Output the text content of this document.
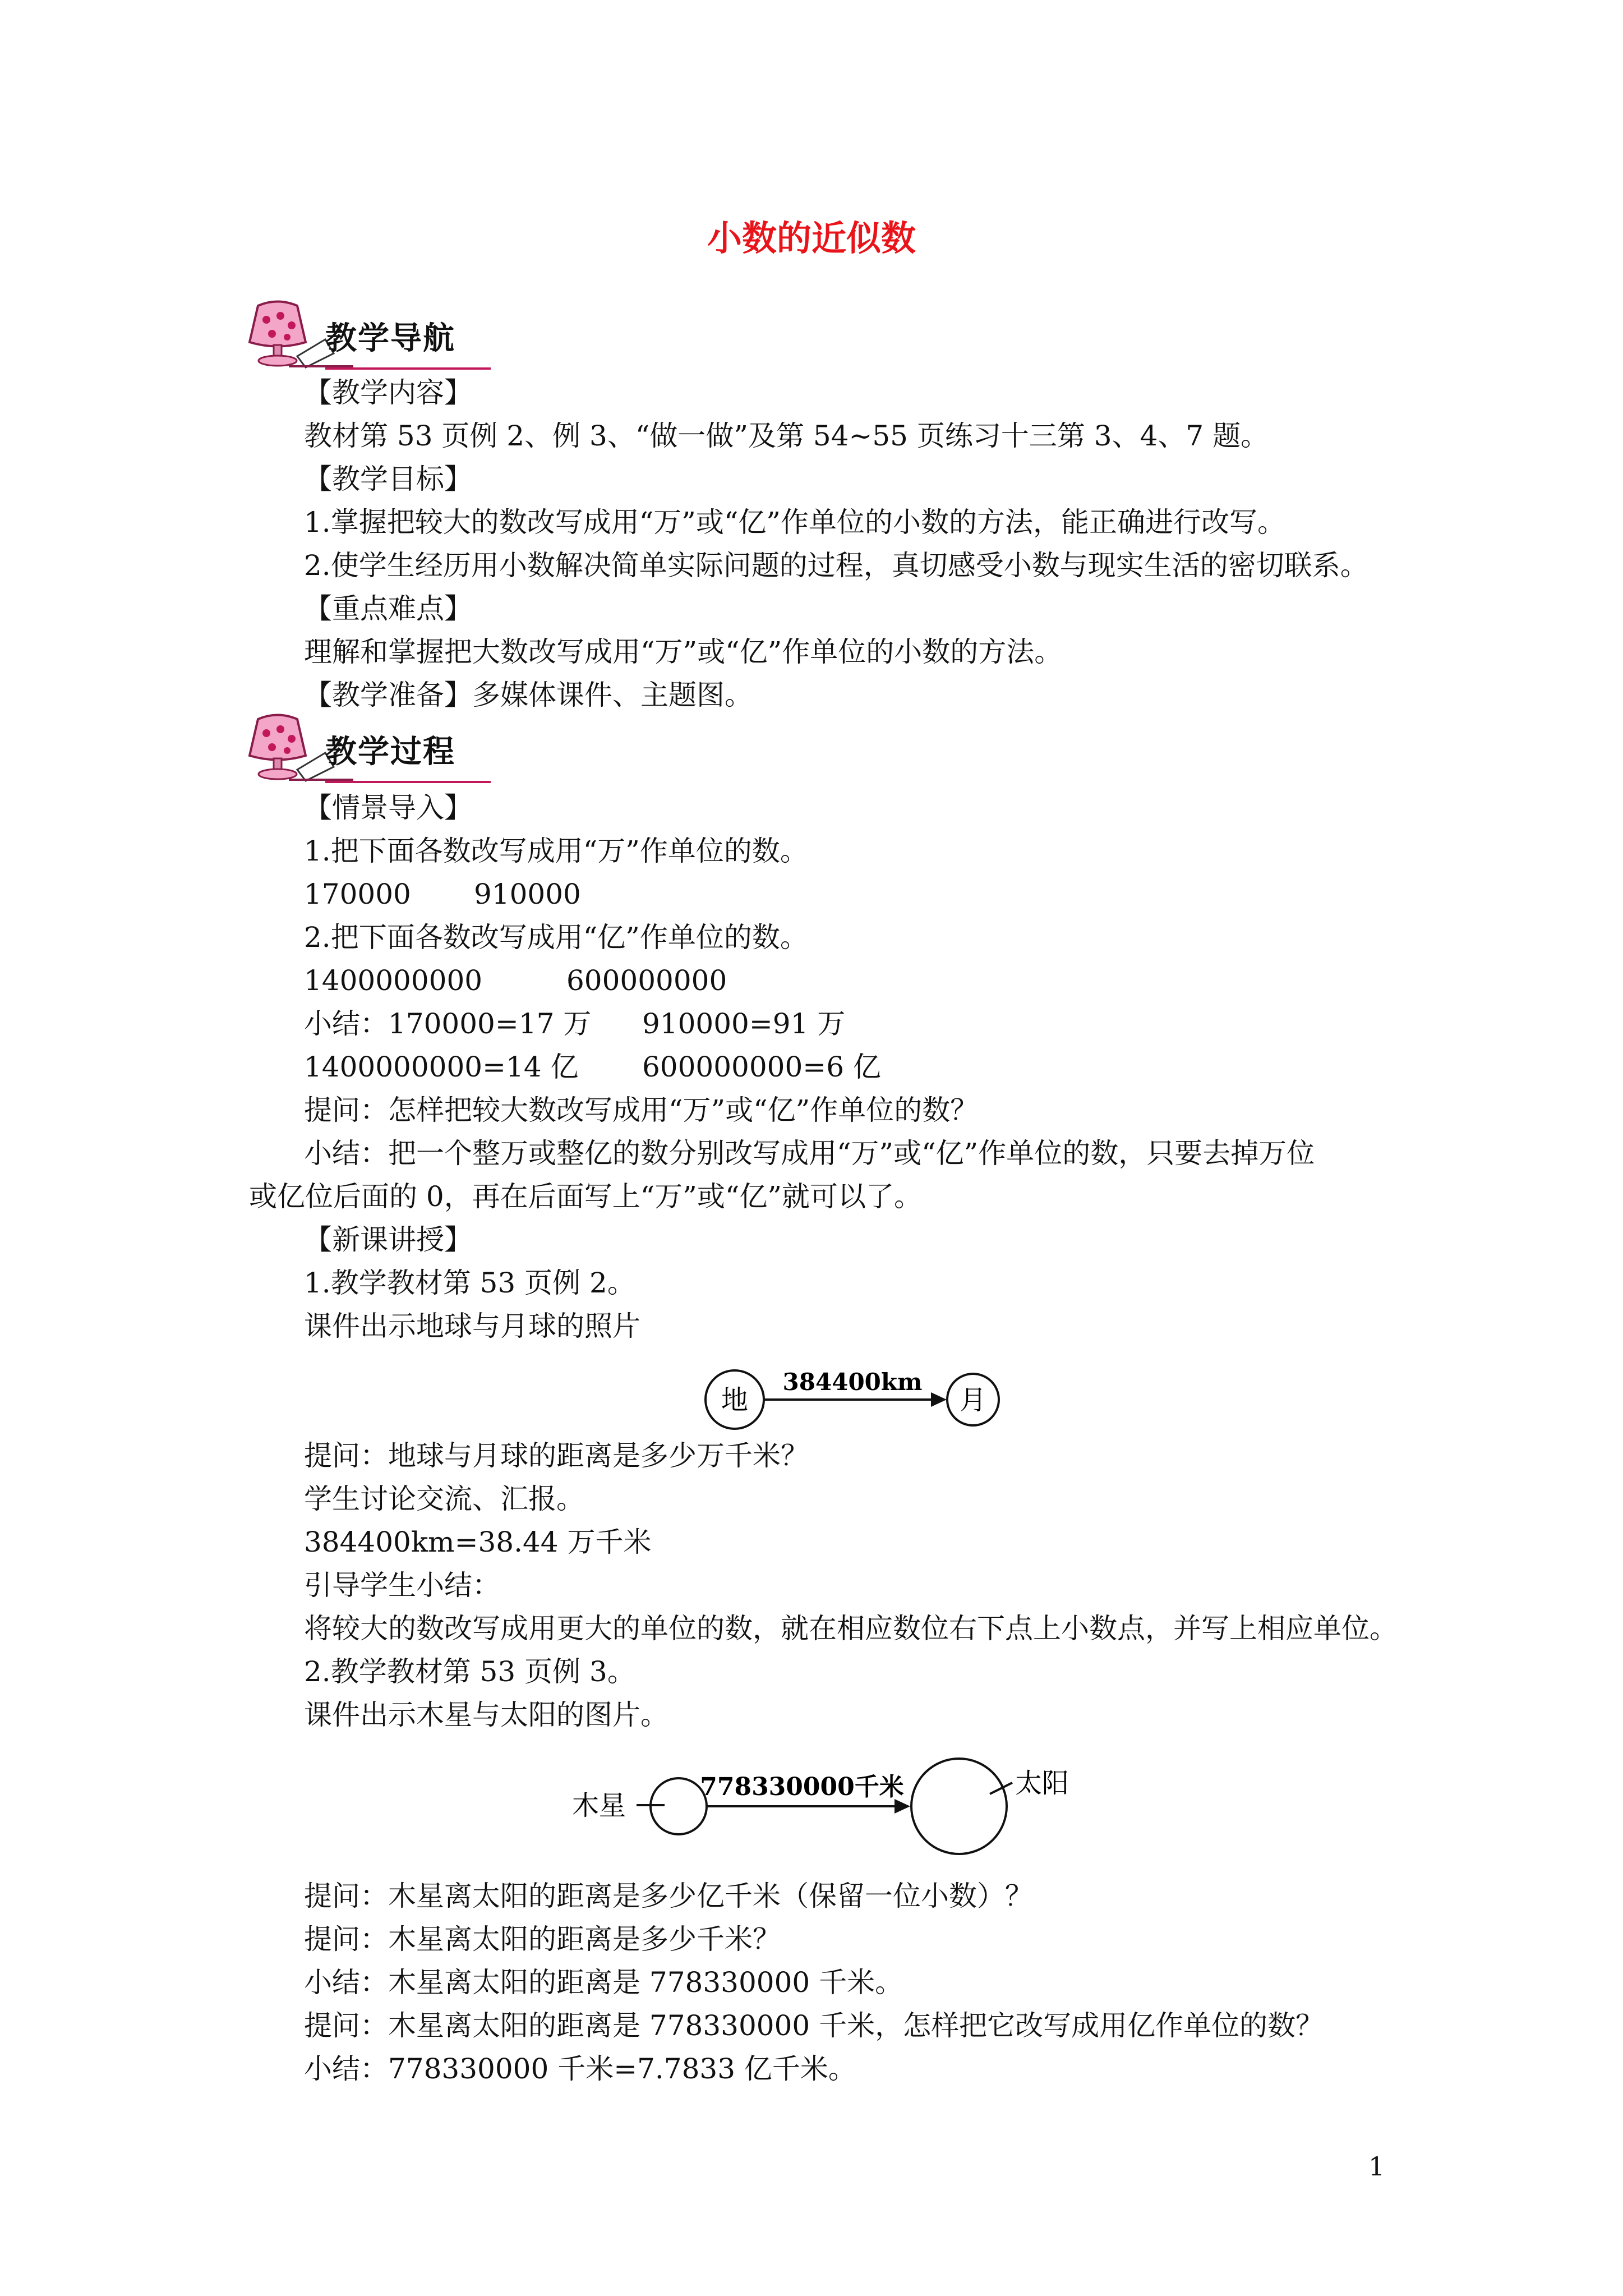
小数的近似数
教学导航
【教学内容】
教材第 53 页例 2、例 3、“做一做”及第 54~55 页练习十三第 3、4、7 题。
【教学目标】
1.掌握把较大的数改写成用“万”或“亿”作单位的小数的方法，能正确进行改写。
2.使学生经历用小数解决简单实际问题的过程，真切感受小数与现实生活的密切联系。
【重点难点】
理解和掌握把大数改写成用“万”或“亿”作单位的小数的方法。
【教学准备】多媒体课件、主题图。
教学过程
【情景导入】
1.把下面各数改写成用“万”作单位的数。
170000 910000
2.把下面各数改写成用“亿”作单位的数。
1400000000	600000000
小结：170000=17 万 910000=91 万
1400000000=14 亿 600000000=6 亿
提问：怎样把较大数改写成用“万”或“亿”作单位的数？
小结：把一个整万或整亿的数分别改写成用“万”或“亿”作单位的数，只要去掉万位
或亿位后面的 0，再在后面写上“万”或“亿”就可以了。
【新课讲授】
1.教学教材第 53 页例 2。
课件出示地球与月球的照片
地
384400km
月
提问：地球与月球的距离是多少万千米？
学生讨论交流、汇报。
384400km=38.44 万千米
引导学生小结：
将较大的数改写成用更大的单位的数，就在相应数位右下点上小数点，并写上相应单位。
2.教学教材第 53 页例 3。
课件出示木星与太阳的图片。
木星
778330000千米	太阳
提问：木星离太阳的距离是多少亿千米（保留一位小数）？
提问：木星离太阳的距离是多少千米？
小结：木星离太阳的距离是 778330000 千米。
提问：木星离太阳的距离是 778330000 千米，怎样把它改写成用亿作单位的数？
小结：778330000 千米=7.7833 亿千米。
1
